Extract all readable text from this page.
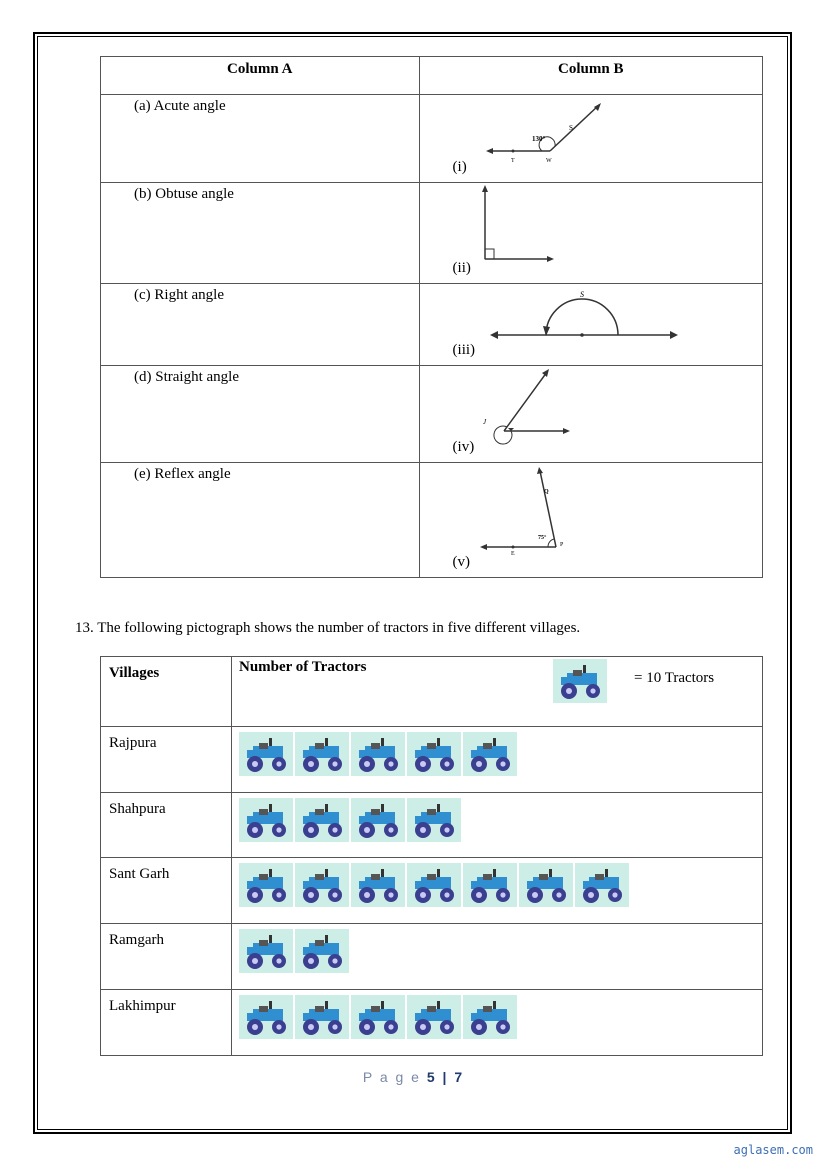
Column A	Column B
(a) Acute angle	130°
S
T W
(i)

(b) Obtuse angle	(ii)

(c) Right angle	S
(iii)

(d) Straight angle	J
(iv)

(e) Reflex angle	Q
75°
P
E
(v)
13. The following pictograph shows the number of tractors in five different villages.
Villages	Number of Tractors
= 10 Tractors

Rajpura	

Shahpura	

Sant Garh	

Ramgarh	

Lakhimpur	
P a g e 5 | 7
aglasem.com
